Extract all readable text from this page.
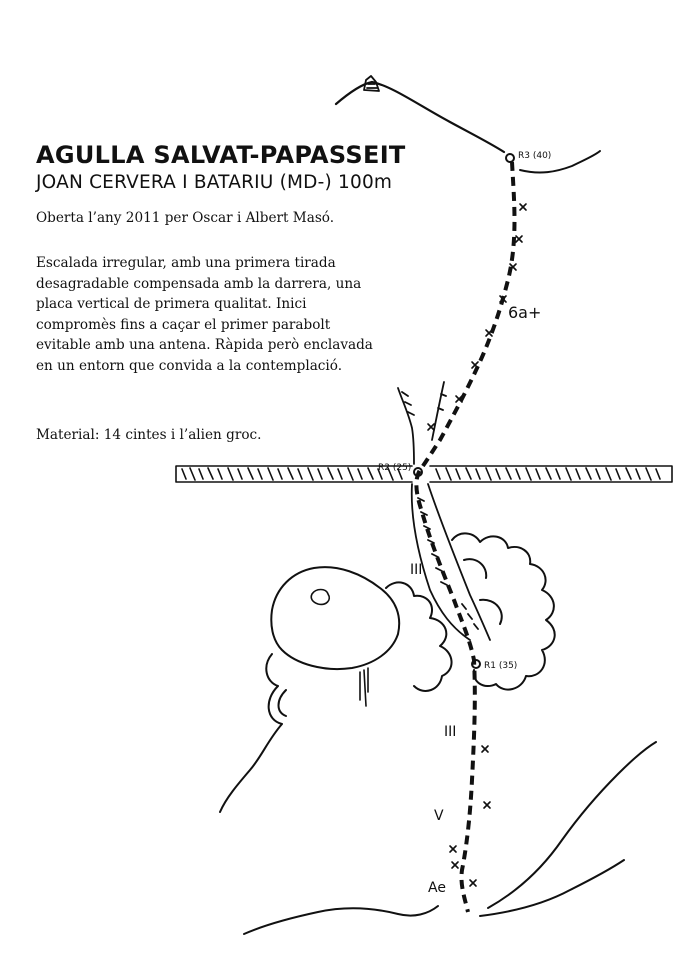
R3 (40)
R2 (25)
R1 (35)
6a+
III
III
V
Ae
AGULLA SALVAT-PAPASSEIT
JOAN CERVERA I BATARIU (MD-) 100m
Oberta l’any 2011 per Oscar i Albert Masó.
Escalada irregular, amb una primera tirada desagradable compensada amb la darrera, una placa vertical de primera qualitat. Inici compromès fins a caçar el primer parabolt evitable amb una antena. Ràpida però enclavada en un entorn que convida a la contemplació.
Material: 14 cintes i l’alien groc.
